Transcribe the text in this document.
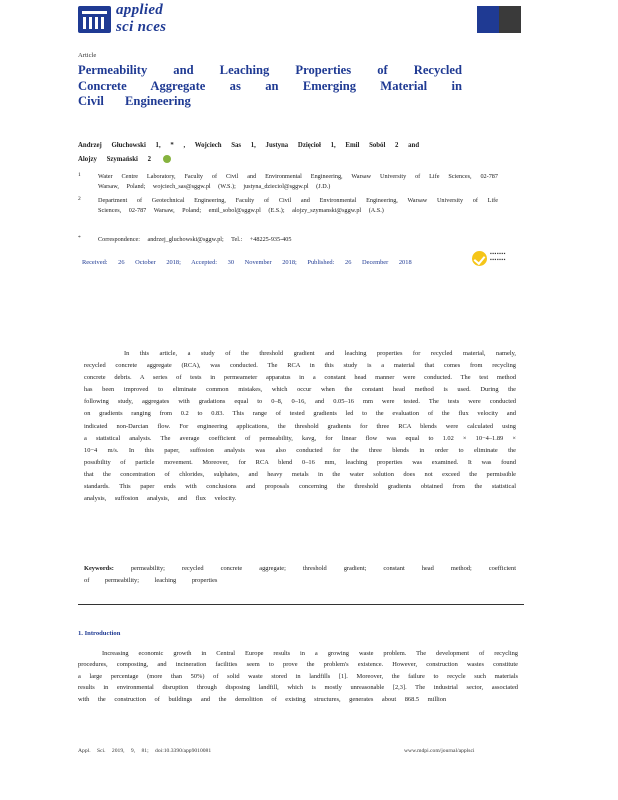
applied
sci nces
Article
Permeability and Leaching Properties of Recycled
Concrete Aggregate as an Emerging Material in
Civil Engineering
Andrzej Głuchowski 1, * , Wojciech Sas 1, Justyna Dzięcioł 1, Emil Soból 2 and Alojzy Szymański 2
1	Water Centre Laboratory, Faculty of Civil and Environmental Engineering, Warsaw University of Life Sciences, 02-787 Warsaw, Poland; wojciech_sas@sggw.pl (W.S.); justyna_dzieciol@sggw.pl (J.D.)
2	Department of Geotechnical Engineering, Faculty of Civil and Environmental Engineering, Warsaw University of Life Sciences, 02-787 Warsaw, Poland; emil_sobol@sggw.pl (E.S.); alojzy_szymanski@sggw.pl (A.S.)
*	Correspondence: andrzej_gluchowski@sggw.pl; Tel.: +48225-935-405
Received: 26 October 2018; Accepted: 30 November 2018; Published: 26 December 2018
▪▪▪▪▪▪▪
▪▪▪▪▪▪▪
In this article, a study of the threshold gradient and leaching properties for recycled material, namely, recycled concrete aggregate (RCA), was conducted. The RCA in this study is a material that comes from recycling concrete debris. A series of tests in permeameter apparatus in a constant head manner were conducted. The test method has been improved to eliminate common mistakes, which occur when the constant head method is used. During the following study, aggregates with gradations equal to 0–8, 0–16, and 0.05–16 mm were tested. The tests were conducted on gradients ranging from 0.2 to 0.83. This range of tested gradients led to the evaluation of the flux velocity and indicated non-Darcian flow. For engineering applications, the threshold gradients for three RCA blends were calculated using a statistical analysis. The average coefficient of permeability, kavg, for linear flow was equal to 1.02 × 10−4–1.89 × 10−4 m/s. In this paper, suffosion analysis was also conducted for the three blends in order to eliminate the possibility of particle movement. Moreover, for RCA blend 0–16 mm, leaching properties was examined. It was found that the concentration of chlorides, sulphates, and heavy metals in the water solution does not exceed the permissible standards. This paper ends with conclusions and proposals concerning the threshold gradients obtained from the statistical analysis, suffosion analysis, and flux velocity.
Keywords:	permeability; recycled concrete aggregate; threshold gradient; constant head method; coefficient of permeability; leaching properties
1. Introduction
Increasing economic growth in Central Europe results in a growing waste problem. The development of recycling procedures, composting, and incineration facilities seem to prove the problem's existence. However, construction wastes constitute a large percentage (more than 50%) of solid waste stored in landfills [1]. Moreover, the failure to recycle such materials results in environmental disruption through disposing landfill, which is mostly unreasonable [2,3]. The industrial sector, associated with the construction of buildings and the demolition of existing structures, generates about 868.5 million
Appl. Sci. 2019, 9, 81; doi:10.3390/app9010081	www.mdpi.com/journal/applsci
